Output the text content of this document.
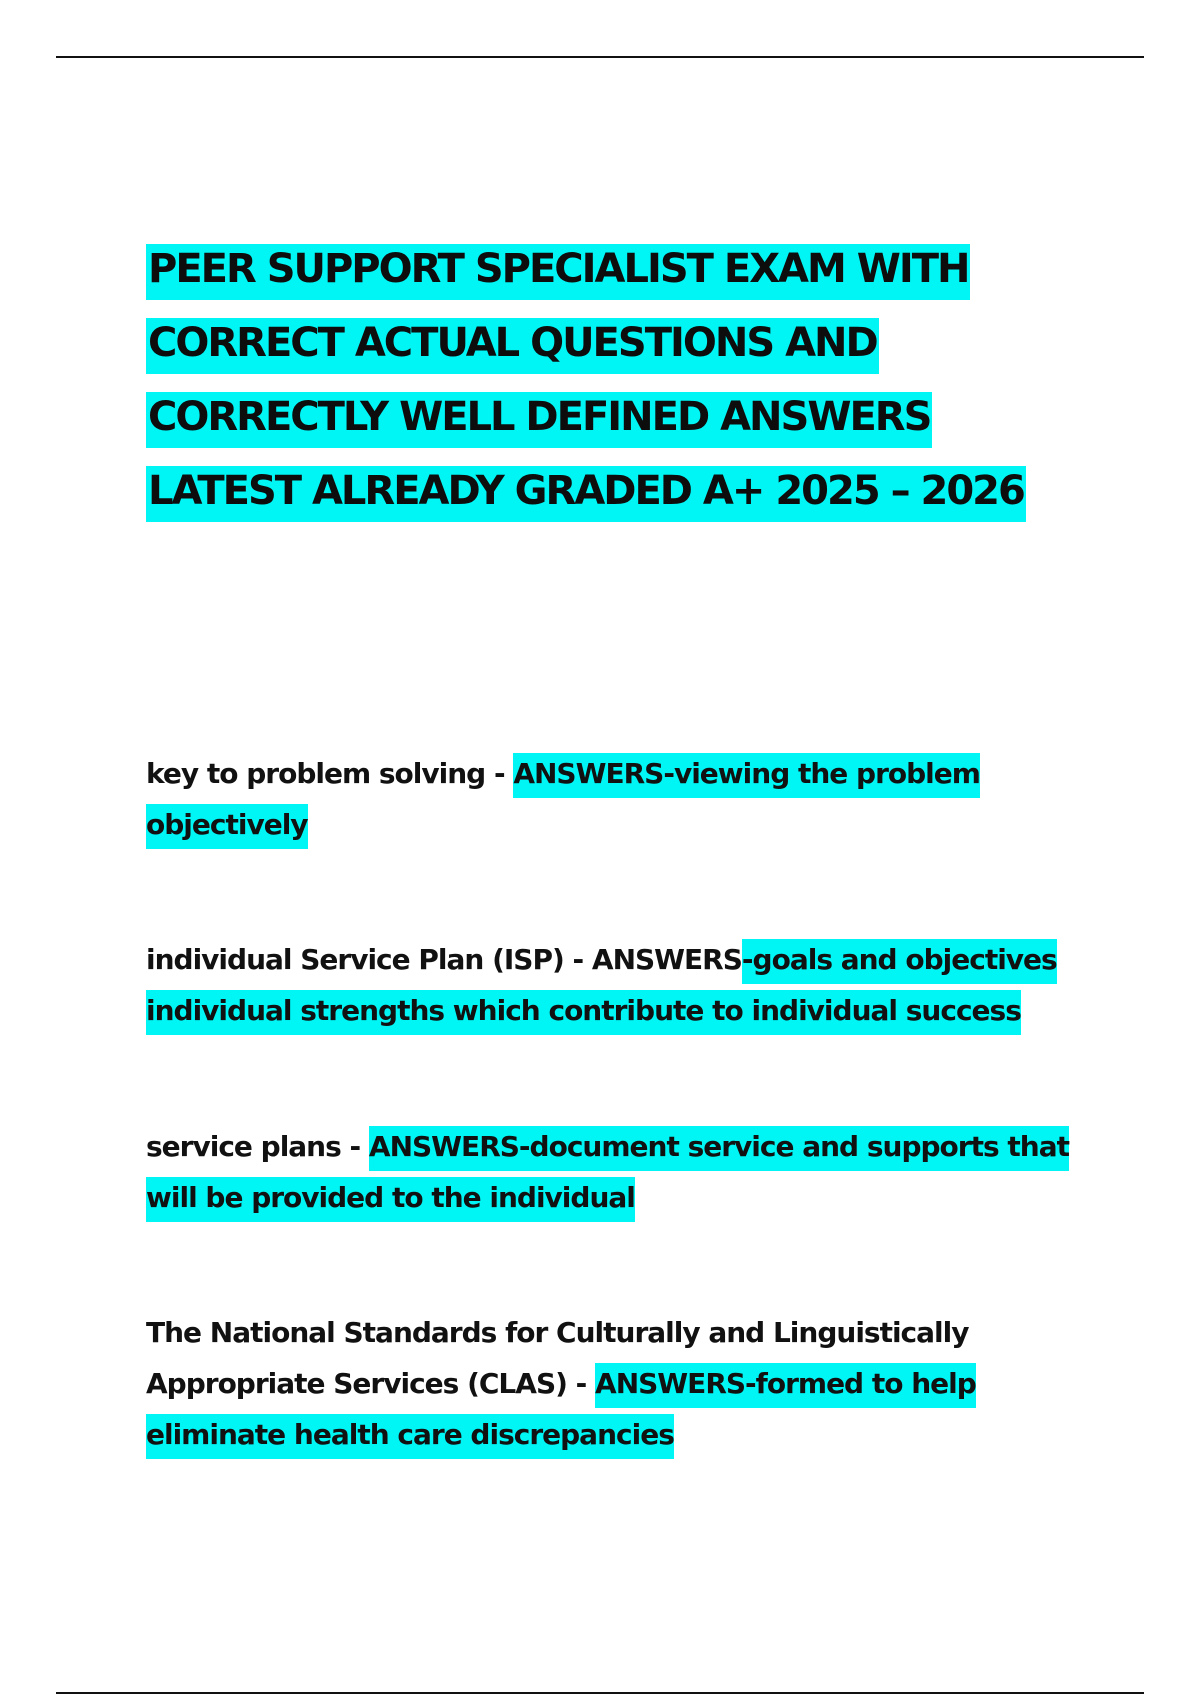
PEER SUPPORT SPECIALIST EXAM WITH
CORRECT ACTUAL QUESTIONS AND
CORRECTLY WELL DEFINED ANSWERS
LATEST ALREADY GRADED A+ 2025 – 2026

key to problem solving - ANSWERS-viewing the problem objectively

individual Service Plan (ISP) - ANSWERS-goals and objectives individual strengths which contribute to individual success

service plans - ANSWERS-document service and supports that will be provided to the individual

The National Standards for Culturally and Linguistically Appropriate Services (CLAS) - ANSWERS-formed to help eliminate health care discrepancies
